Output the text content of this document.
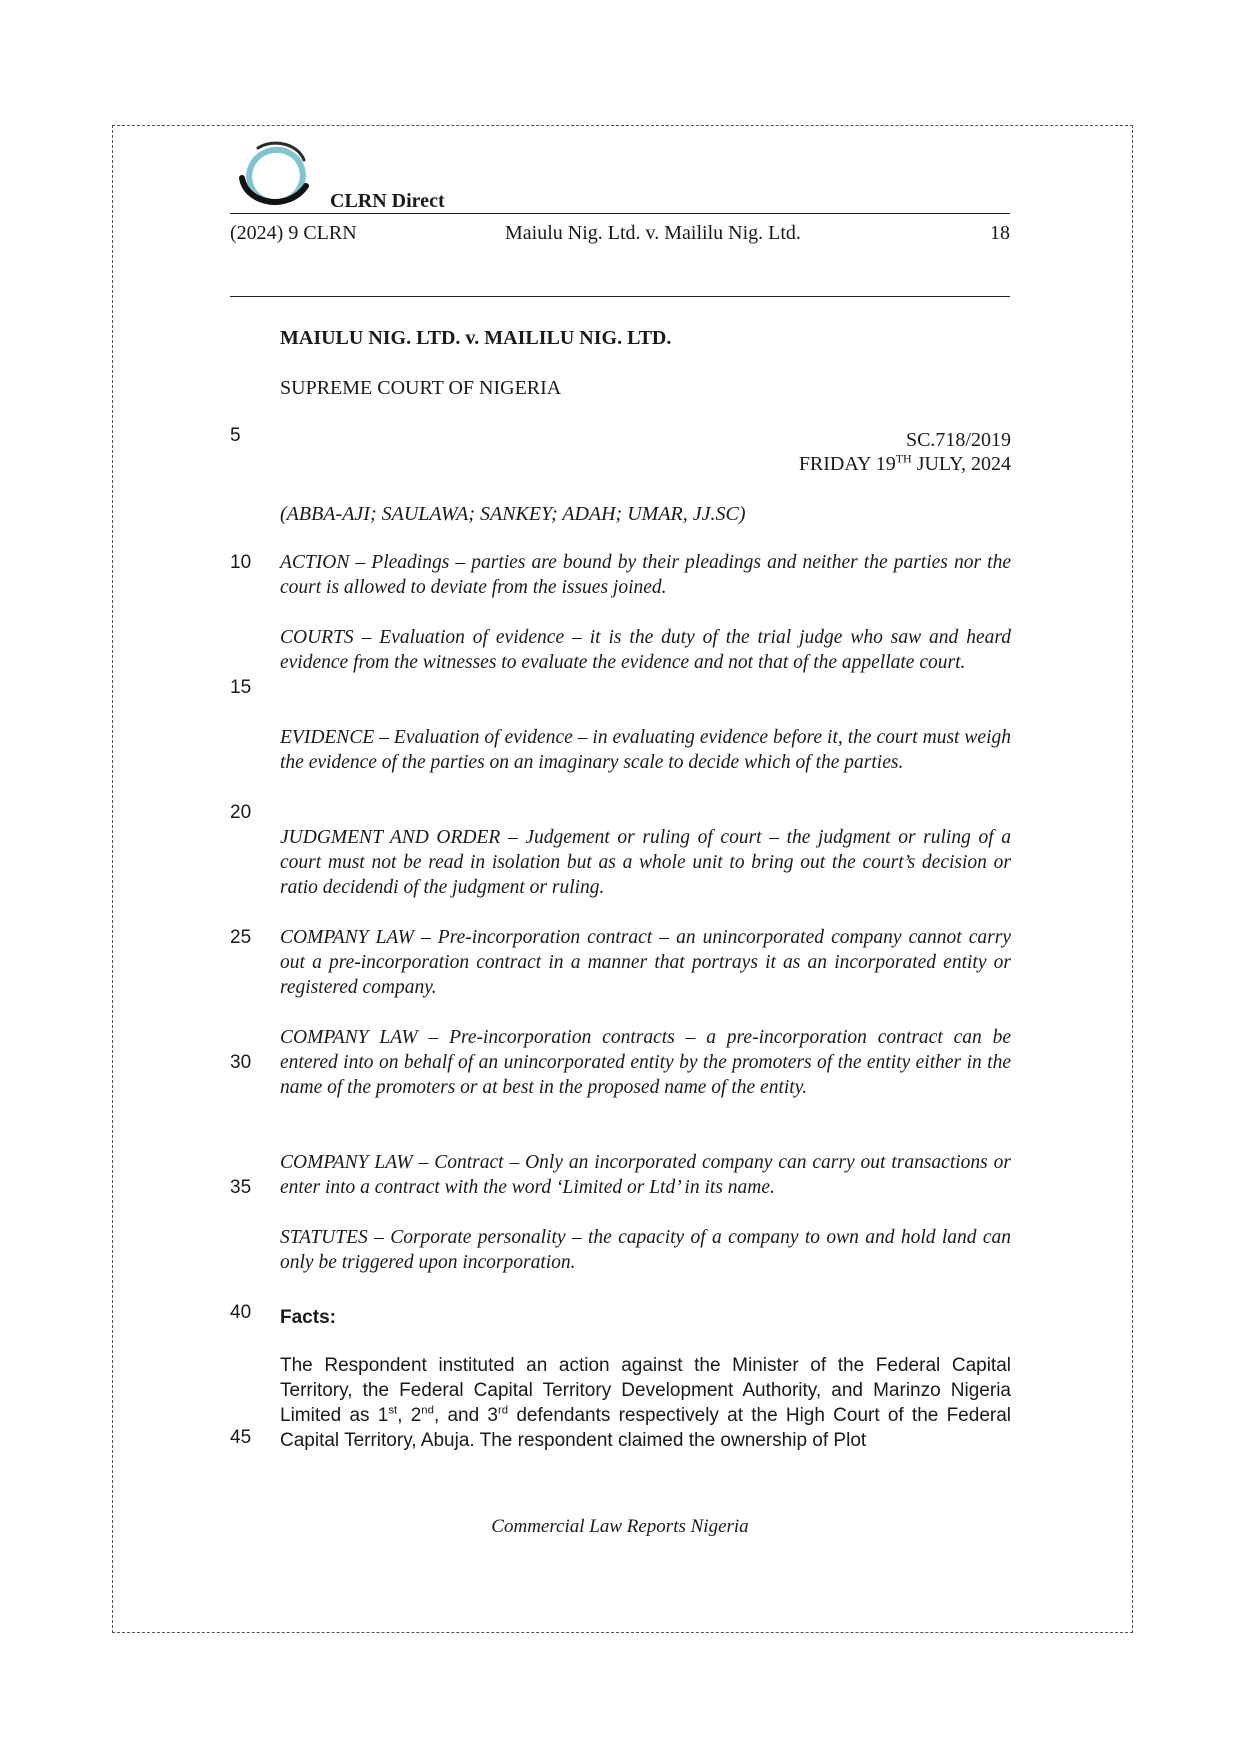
CLRN Direct
(2024) 9 CLRN	Maiulu Nig. Ltd. v. Maililu Nig. Ltd.	18
MAIULU NIG. LTD. v. MAILILU NIG. LTD.
SUPREME COURT OF NIGERIA
SC.718/2019
FRIDAY 19TH JULY, 2024
(ABBA-AJI; SAULAWA; SANKEY; ADAH; UMAR, JJ.SC)
ACTION – Pleadings – parties are bound by their pleadings and neither the parties nor the court is allowed to deviate from the issues joined.
COURTS – Evaluation of evidence – it is the duty of the trial judge who saw and heard evidence from the witnesses to evaluate the evidence and not that of the appellate court.
EVIDENCE – Evaluation of evidence – in evaluating evidence before it, the court must weigh the evidence of the parties on an imaginary scale to decide which of the parties.
JUDGMENT AND ORDER – Judgement or ruling of court – the judgment or ruling of a court must not be read in isolation but as a whole unit to bring out the court’s decision or ratio decidendi of the judgment or ruling.
COMPANY LAW – Pre-incorporation contract – an unincorporated company cannot carry out a pre-incorporation contract in a manner that portrays it as an incorporated entity or registered company.
COMPANY LAW – Pre-incorporation contracts – a pre-incorporation contract can be entered into on behalf of an unincorporated entity by the promoters of the entity either in the name of the promoters or at best in the proposed name of the entity.
COMPANY LAW – Contract – Only an incorporated company can carry out transactions or enter into a contract with the word ‘Limited or Ltd’ in its name.
STATUTES – Corporate personality – the capacity of a company to own and hold land can only be triggered upon incorporation.
Facts:
The Respondent instituted an action against the Minister of the Federal Capital Territory, the Federal Capital Territory Development Authority, and Marinzo Nigeria Limited as 1st, 2nd, and 3rd defendants respectively at the High Court of the Federal Capital Territory, Abuja. The respondent claimed the ownership of Plot
5
10
15
20
25
30
35
40
45
Commercial Law Reports Nigeria
